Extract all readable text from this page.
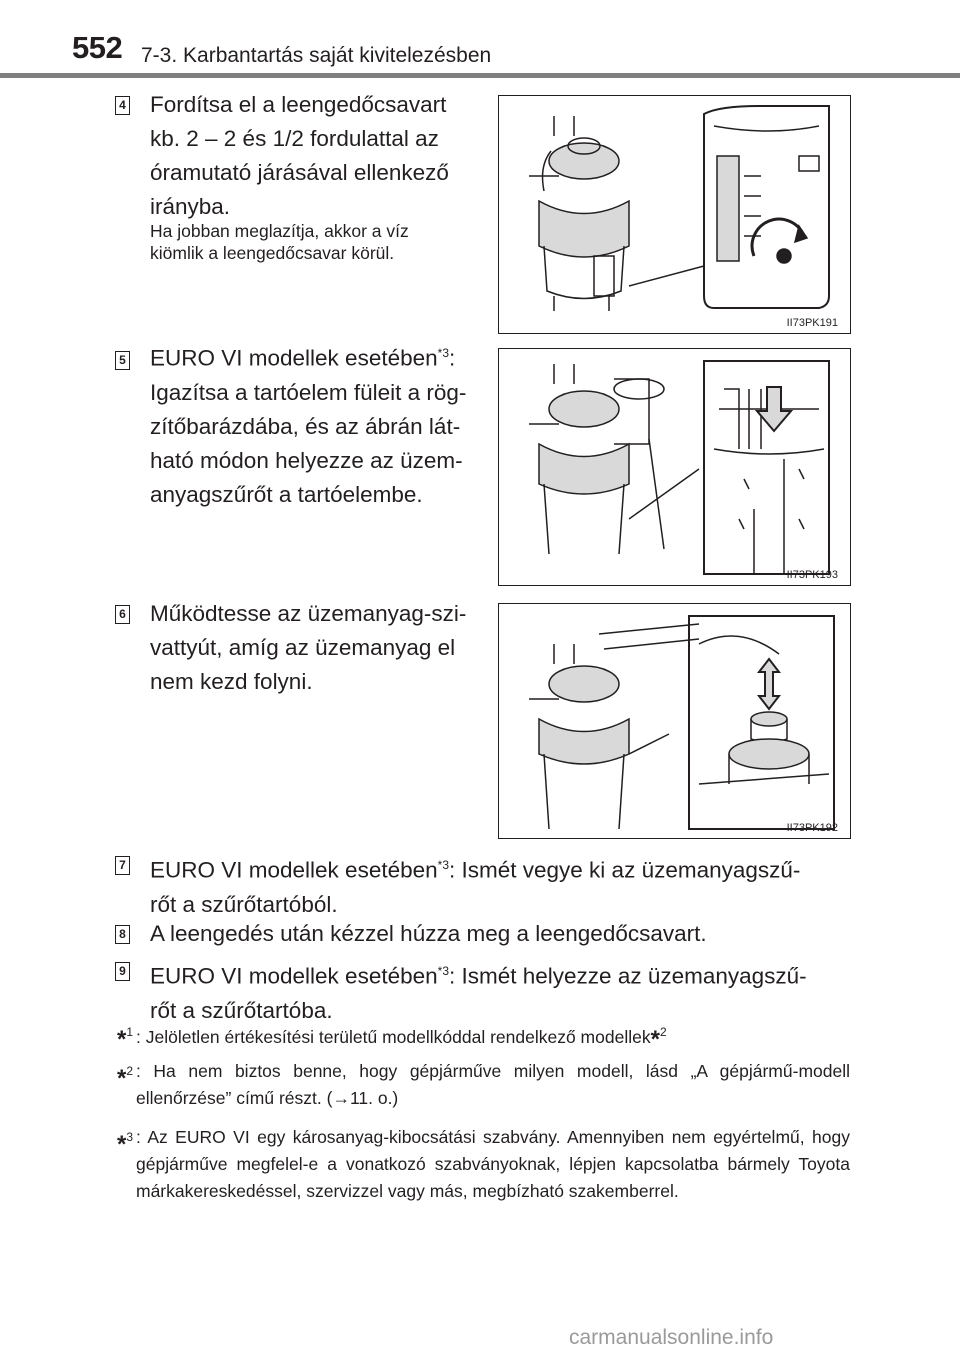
552 7-3. Karbantartás saját kivitelezésben
4 Fordítsa el a leengedőcsavart
kb. 2 – 2 és 1/2 fordulattal az
óramutató járásával ellenkező
irányba.
Ha jobban meglazítja, akkor a víz
kiömlik a leengedőcsavar körül.
II73PK191
5 EURO VI modellek esetében$^{*3}$:
Igazítsa a tartóelem füleit a rög-
zítőbarázdába, és az ábrán lát-
ható módon helyezze az üzem-
anyagszűrőt a tartóelembe.
II73PK193
6 Működtesse az üzemanyag-szi-
vattyút, amíg az üzemanyag el
nem kezd folyni.
II73PK192
7 EURO VI modellek esetében$^{*3}$: Ismét vegye ki az üzemanyagszű-
rőt a szűrőtartóból.
8 A leengedés után kézzel húzza meg a leengedőcsavart.
9 EURO VI modellek esetében$^{*3}$: Ismét helyezze az üzemanyagszű-
rőt a szűrőtartóba.
*$^1$ : Jelöletlen értékesítési területű modellkóddal rendelkező modellek*$^2$
*$^2$ : Ha nem biztos benne, hogy gépjárműve milyen modell, lásd „A gépjármű-modell ellenőrzése” című részt. (→11. o.)
*$^3$ : Az EURO VI egy károsanyag-kibocsátási szabvány. Amennyiben nem egyértelmű, hogy gépjárműve megfelel-e a vonatkozó szabványoknak, lépjen kapcsolatba bármely Toyota márkakereskedéssel, szervizzel vagy más, megbízható szakemberrel.
carmanualsonline.info
